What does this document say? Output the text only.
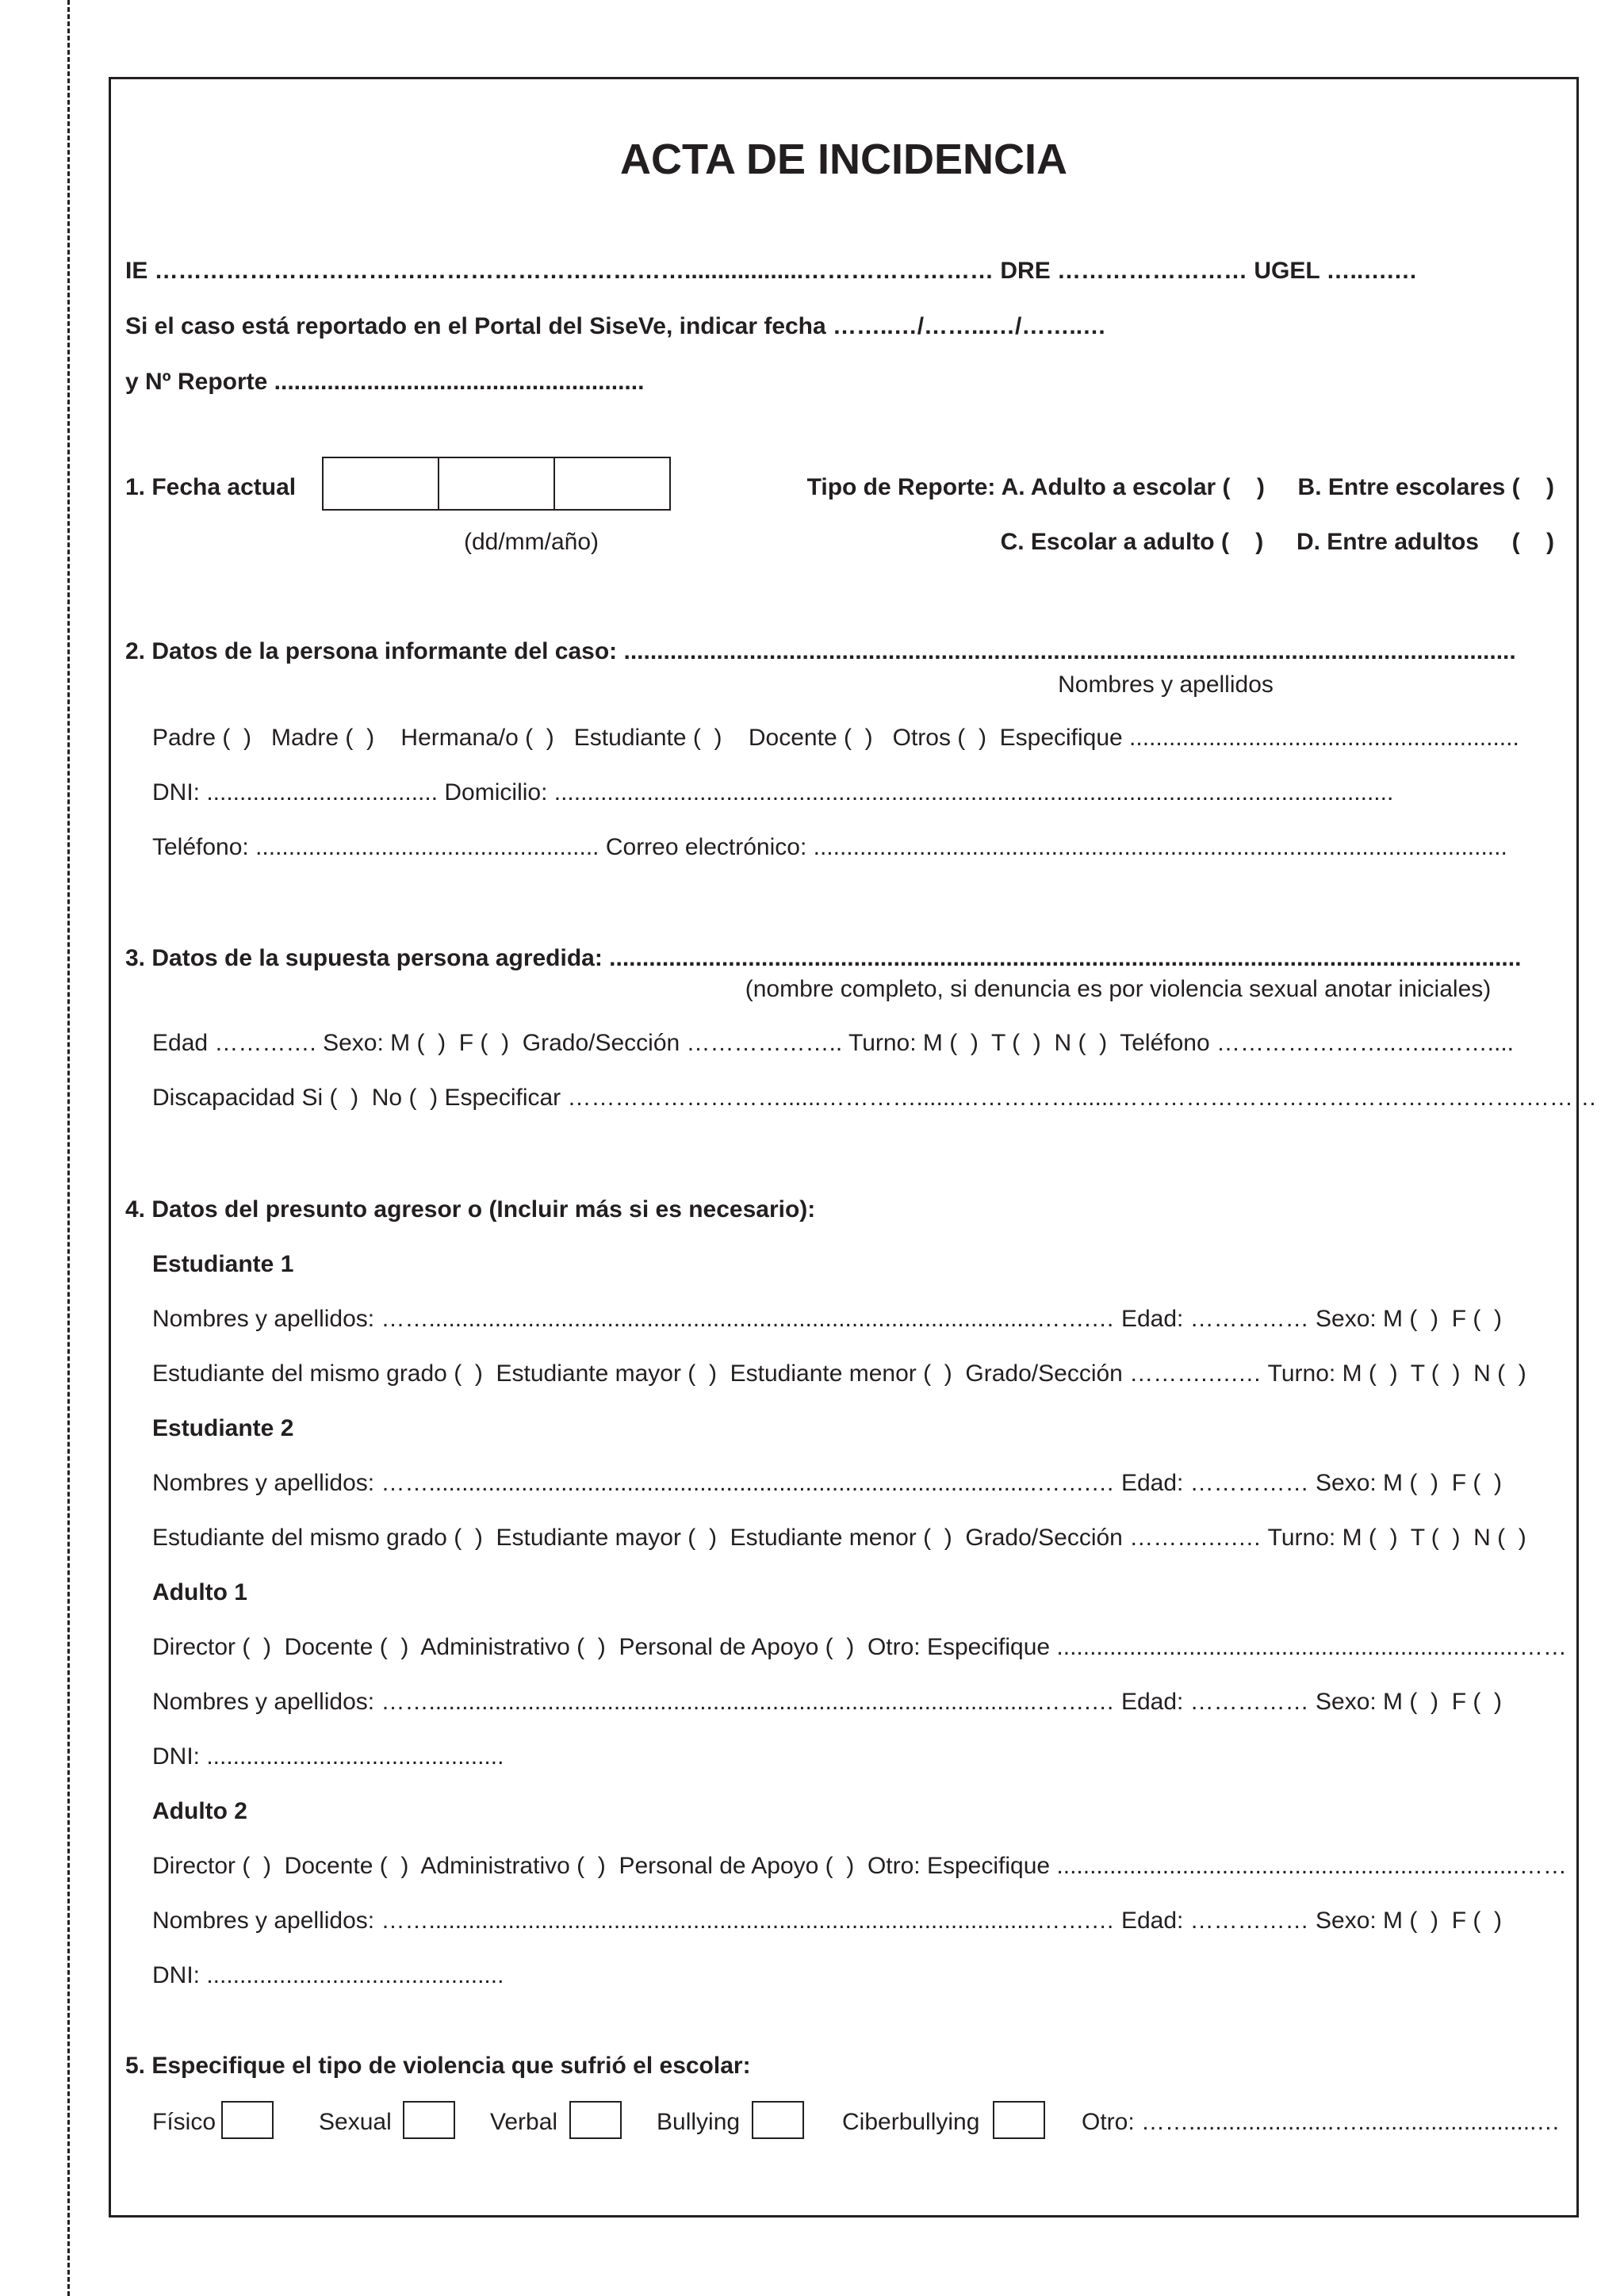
ACTA DE INCIDENCIA
IE …………………………….……………………………..................…………………… DRE …………………… UGEL …..….…
Si el caso está reportado en el Portal del SiseVe, indicar fecha ……..…/……...…/……..…
y Nº Reporte ........................................................
1. Fecha actual
(dd/mm/año)
Tipo de Reporte: A. Adulto a escolar (    )     B. Entre escolares (    )
C. Escolar a adulto (    )     D. Entre adultos     (    )
2. Datos de la persona informante del caso: .......................................................................................................................................
Nombres y apellidos
Padre (  )   Madre (  )    Hermana/o (  )   Estudiante (  )    Docente (  )   Otros (  )  Especifique ...........................................................
DNI: ................................... Domicilio: ...............................................................................................................................
Teléfono: .................................................... Correo electrónico: .........................................................................................................
3. Datos de la supuesta persona agredida: ..........................................................................................................................................
(nombre completo, si denuncia es por violencia sexual anotar iniciales)
Edad …………. Sexo: M (  )  F (  )  Grado/Sección ……………….. Turno: M (  )  T (  )  N (  )  Teléfono …………………..…...……....
Discapacidad Si (  )  No (  ) Especificar ………………………......…………......……………......…………………………………………….………
4. Datos del presunto agresor o (Incluir más si es necesario):
Estudiante 1
Nombres y apellidos: ……............................................................................................…….… Edad: …………… Sexo: M (  )  F (  )
Estudiante del mismo grado (  )  Estudiante mayor (  )  Estudiante menor (  )  Grado/Sección ……….….… Turno: M (  )  T (  )  N (  )
Estudiante 2
Nombres y apellidos: ……............................................................................................…….… Edad: …………… Sexo: M (  )  F (  )
Estudiante del mismo grado (  )  Estudiante mayor (  )  Estudiante menor (  )  Grado/Sección ……….….… Turno: M (  )  T (  )  N (  )
Adulto 1
Director (  )  Docente (  )  Administrativo (  )  Personal de Apoyo (  )  Otro: Especifique ......................................................................……
Nombres y apellidos: ……............................................................................................…….… Edad: …………… Sexo: M (  )  F (  )
DNI: .............................................
Adulto 2
Director (  )  Docente (  )  Administrativo (  )  Personal de Apoyo (  )  Otro: Especifique ......................................................................……
Nombres y apellidos: ……............................................................................................…….… Edad: …………… Sexo: M (  )  F (  )
DNI: .............................................
5. Especifique el tipo de violencia que sufrió el escolar:
Físico	Sexual	Verbal	Bullying	Ciberbullying	Otro: ……......................…...........................…
